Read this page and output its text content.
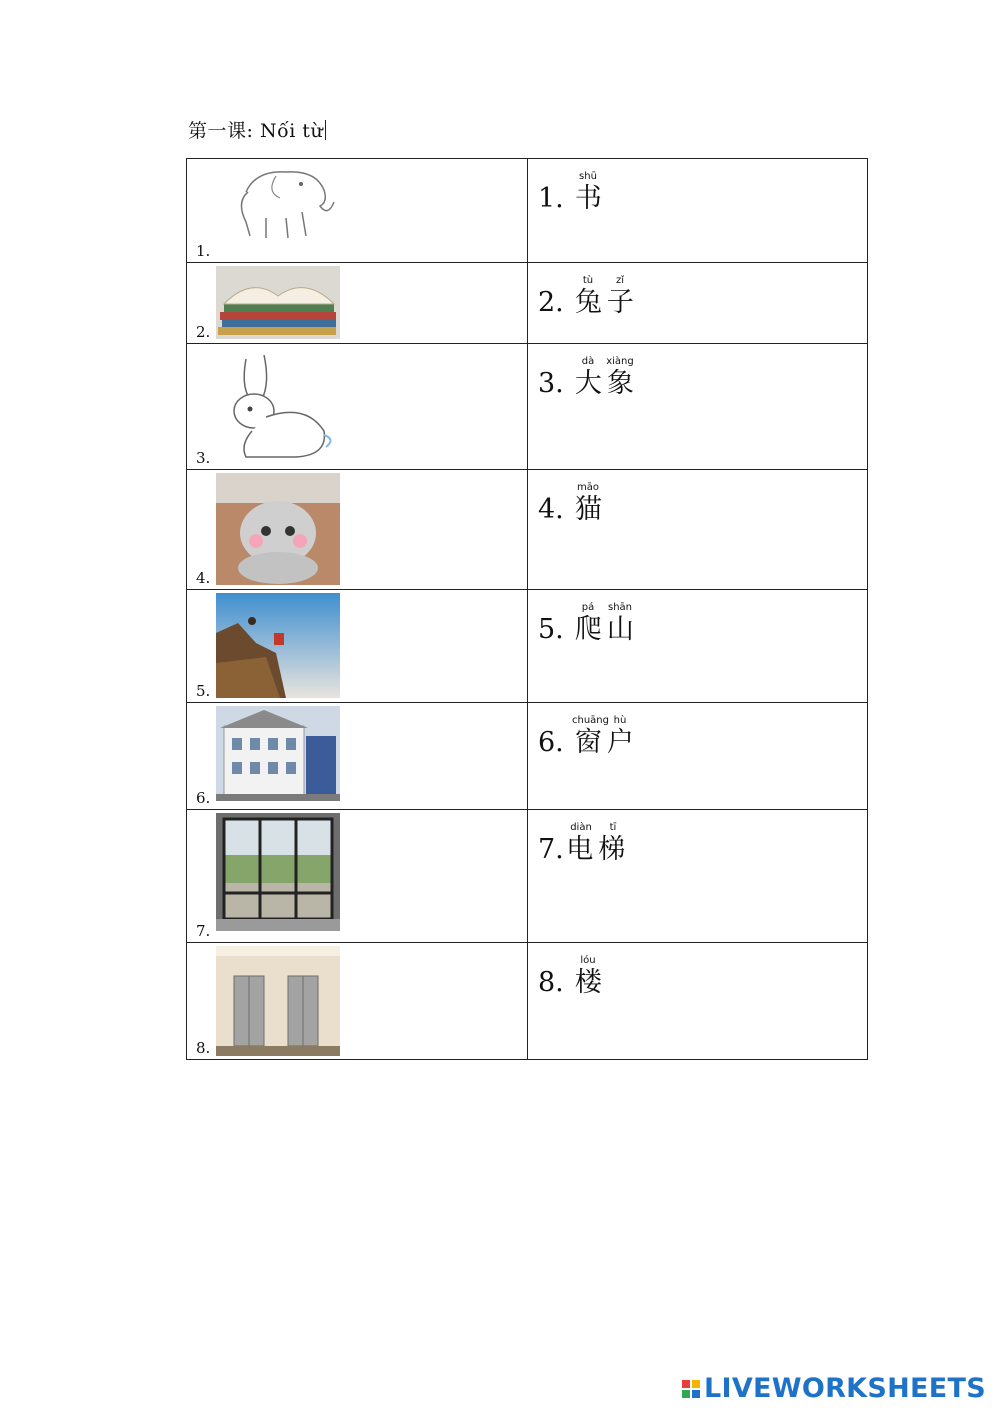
第一课: Nối từ
1.	shū
1. 书

2.	tù zǐ
2. 兔 子

3.	dà xiàng
3. 大 象

4.	māo
4. 猫

5.	pá shān
5. 爬 山

6.	chuāng hù
6. 窗 户

7.	diàn tī
7.电 梯

8.	lóu
8. 楼
LIVEWORKSHEETS
